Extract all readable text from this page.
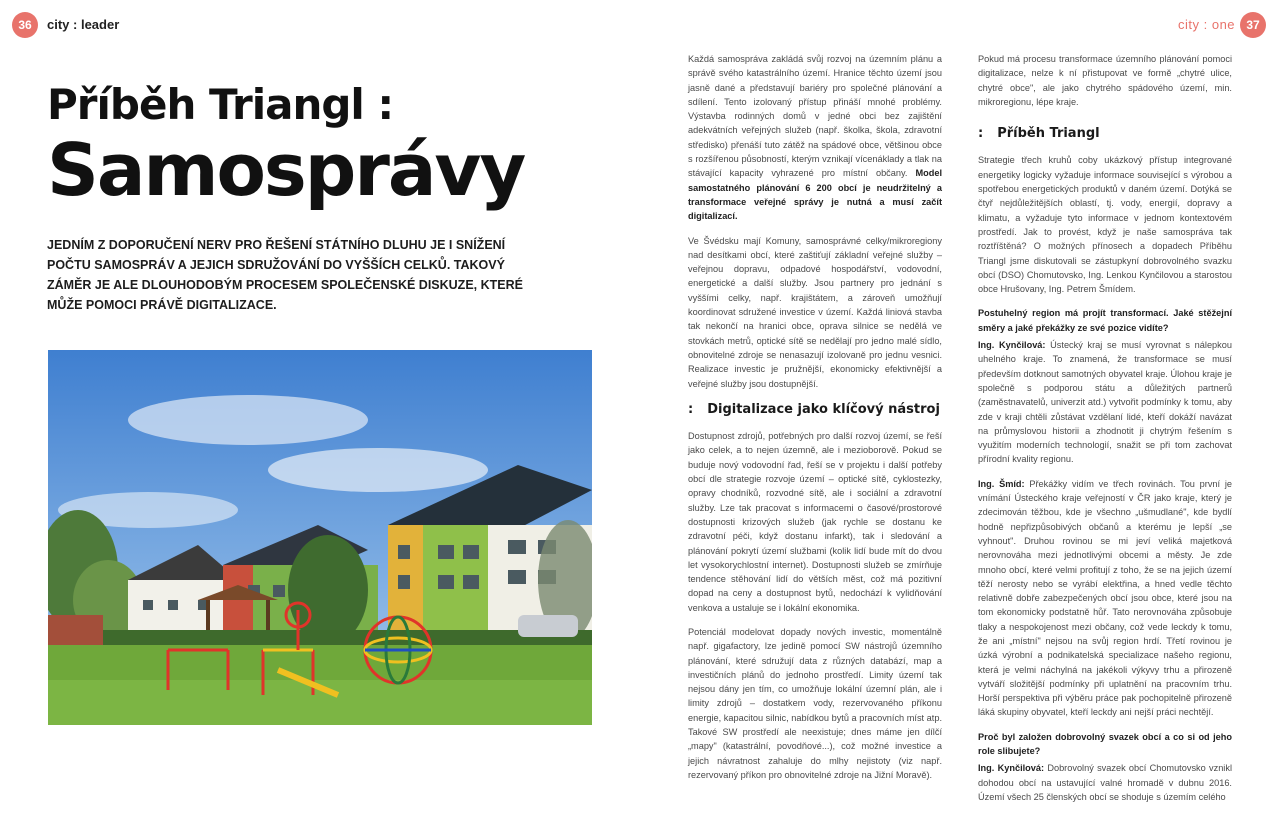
36	city : leader	city : one 37
Příběh Triangl :
Samosprávy
JEDNÍM Z DOPORUČENÍ NERV PRO ŘEŠENÍ STÁTNÍHO DLUHU JE I SNÍŽENÍ POČTU SAMOSPRÁV A JEJICH SDRUŽOVÁNÍ DO VYŠŠÍCH CELKŮ. TAKOVÝ ZÁMĚR JE ALE DLOUHODOBÝM PROCESEM SPOLEČENSKÉ DISKUZE, KTERÉ MŮŽE POMOCI PRÁVĚ DIGITALIZACE.

Každá samospráva zakládá svůj rozvoj na územním plánu a správě svého katastrálního území. Hranice těchto území jsou jasně dané a představují bariéry pro společné plánování a sdílení. Tento izolovaný přístup přináší mnohé problémy. Výstavba rodinných domů v jedné obci bez zajištění adekvátních veřejných služeb (např. školka, škola, zdravotní středisko) přenáší tuto zátěž na spádové obce, většinou obce s rozšířenou působností, kterým vznikají vícenáklady a tlak na stávající kapacity vyhrazené pro místní občany. Model samostatného plánování 6 200 obcí je neudržitelný a transformace veřejné správy je nutná a musí začít digitalizací.

Ve Švédsku mají Komuny, samosprávné celky/mikroregiony nad desítkami obcí, které zaštiťují základní veřejné služby – veřejnou dopravu, odpadové hospodářství, vodovodní, energetické a další služby. Jsou partnery pro jednání s vyššími celky, např. krajištátem, a zároveň umožňují koordinovat sdružené investice v území. Každá liniová stavba tak nekončí na hranici obce, oprava silnice se nedělá ve stovkách metrů, optické sítě se nedělají pro jedno malé sídlo, obnovitelné zdroje se nenasazují izolovaně pro jednu vesnici. Realizace investic je pružnější, ekonomicky efektivnější a veřejné služby jsou dostupnější.

: Digitalizace jako klíčový nástroj

Dostupnost zdrojů, potřebných pro další rozvoj území, se řeší jako celek, a to nejen územně, ale i mezioborově. Pokud se buduje nový vodovodní řad, řeší se v projektu i další potřeby obcí dle strategie rozvoje území – optické sítě, cyklostezky, opravy chodníků, rozvodné sítě, ale i sociální a zdravotní služby. Lze tak pracovat s informacemi o časové/prostorové dostupnosti krizových služeb (jak rychle se dostanu ke zdravotní péči, když dostanu infarkt), tak i sledování a plánování pokrytí území službami (kolik lidí bude mít do dvou let vysokorychlostní internet). Dostupnosti služeb se zmírňuje tendence stěhování lidí do větších měst, což má pozitivní dopad na ceny a dostupnost bytů, nedochází k vylidňování venkova a ustaluje se i lokální ekonomika.

Potenciál modelovat dopady nových investic, momentálně např. gigafactory, lze jedině pomocí SW nástrojů územního plánování, které sdružují data z různých databází, map a investičních plánů do jednoho prostředí. Limity území tak nejsou dány jen tím, co umožňuje lokální územní plán, ale i limity zdrojů – dostatkem vody, rezervovaného příkonu energie, kapacitou silnic, nabídkou bytů a pracovních míst atp. Takové SW prostředí ale neexistuje; dnes máme jen dílčí „mapy" (katastrální, povodňové...), což možné investice a jejich návratnost zahaluje do mlhy nejistoty (viz např. rezervovaný příkon pro obnovitelné zdroje na Jižní Moravě).

Pokud má procesu transformace územního plánování pomoci digitalizace, nelze k ní přistupovat ve formě „chytré ulice, chytré obce", ale jako chytrého spádového území, min. mikroregionu, lépe kraje.

: Příběh Triangl

Strategie třech kruhů coby ukázkový přístup integrované energetiky logicky vyžaduje informace související s výrobou a spotřebou energetických produktů v daném území. Dotýká se čtyř nejdůležitějších oblastí, tj. vody, energií, dopravy a klimatu, a vyžaduje tyto informace v jednom kontextovém prostředí. Jak to provést, když je naše samospráva tak roztříštěná? O možných přínosech a dopadech Příběhu Triangl jsme diskutovali se zástupkyní dobrovolného svazku obcí (DSO) Chomutovsko, Ing. Lenkou Kynčilovou a starostou obce Hrušovany, Ing. Petrem Šmídem.

Postuhelný region má projít transformací. Jaké stěžejní směry a jaké překážky ze své pozice vidíte?

Ing. Kynčilová: Ústecký kraj se musí vyrovnat s nálepkou uhelného kraje. To znamená, že transformace se musí především dotknout samotných obyvatel kraje. Úlohou kraje je společně s podporou státu a důležitých partnerů (zaměstnavatelů, univerzit atd.) vytvořit podmínky k tomu, aby zde v kraji chtěli zůstávat vzdělaní lidé, kteří dokáží navázat na průmyslovou historii a zhodnotit ji chytrým řešením s využitím moderních technologií, snažit se při tom zachovat přírodní kvality regionu.

Ing. Šmíd: Překážky vidím ve třech rovinách. Tou první je vnímání Ústeckého kraje veřejností v ČR jako kraje, který je zdecimován těžbou, kde je všechno „ušmudlané", kde bydlí hodně nepřizpůsobivých občanů a kterému je lepší „se vyhnout". Druhou rovinou se mi jeví veliká majetková nerovnováha mezi jednotlivými obcemi a městy. Je zde mnoho obcí, které velmi profitují z toho, že se na jejich území těží nerosty nebo se vyrábí elektřina, a hned vedle těchto relativně dobře zabezpečených obcí jsou obce, které jsou na tom ekonomicky podstatně hůř. Tato nerovnováha způsobuje tlaky a nespokojenost mezi občany, což vede leckdy k tomu, že ani „místní" nejsou na svůj region hrdí. Třetí rovinou je úzká výrobní a podnikatelská specializace našeho regionu, která je velmi náchylná na jakékoli výkyvy trhu a přirozeně vytváří složitější podmínky při uplatnění na pracovním trhu. Horší perspektiva při výběru práce pak pochopitelně přirozeně láká skupiny obyvatel, kteří leckdy ani nejší práci nechtějí.

Proč byl založen dobrovolný svazek obcí a co si od jeho role slibujete?

Ing. Kynčilová: Dobrovolný svazek obcí Chomutovsko vznikl dohodou obcí na ustavující valné hromadě v dubnu 2016. Území všech 25 členských obcí se shoduje s územím celého
